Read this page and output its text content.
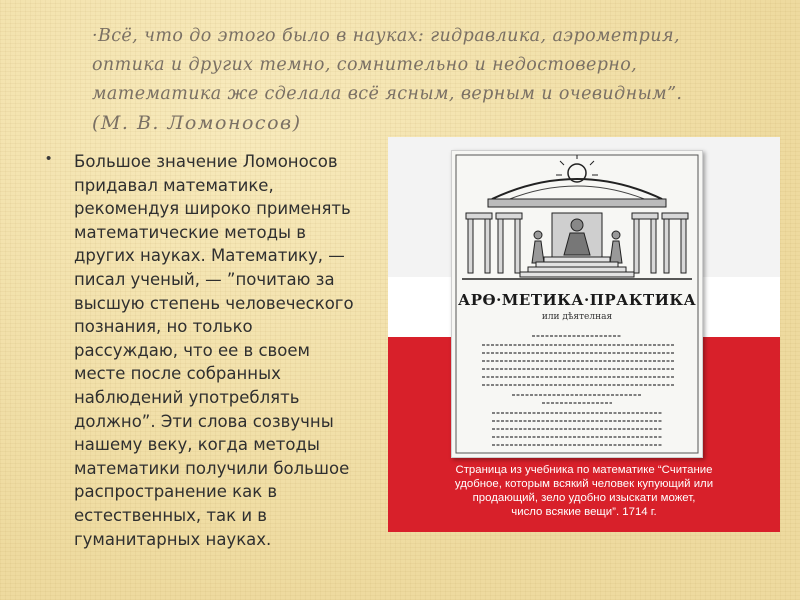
·Всё, что до этого было в науках: гидравлика, аэрометрия,
оптика и других темно, сомнительно и недостоверно,
математика же сделала всё ясным, верным и очевидным”.
(М. В. Ломоносов)
• Большое значение Ломоносов
придавал математике,
рекомендуя широко применять
математические методы в
других науках. Математику, —
писал ученый, — ”почитаю за
высшую степень человеческого
познания, но только
рассуждаю, что ее в своем
месте после собранных
наблюдений употреблять
должно”. Эти слова созвучны
нашему веку, когда методы
математики получили большое
распространение как в
естественных, так и в
гуманитарных науках.
АРӨ·МЕТИКА·ПРАКТИКА
или дѣятелная
Страница из учебника по математике “Считание
удобное, которым всякий человек купующий или
продающий, зело удобно изыскати может,
число всякие вещи”. 1714 г.
